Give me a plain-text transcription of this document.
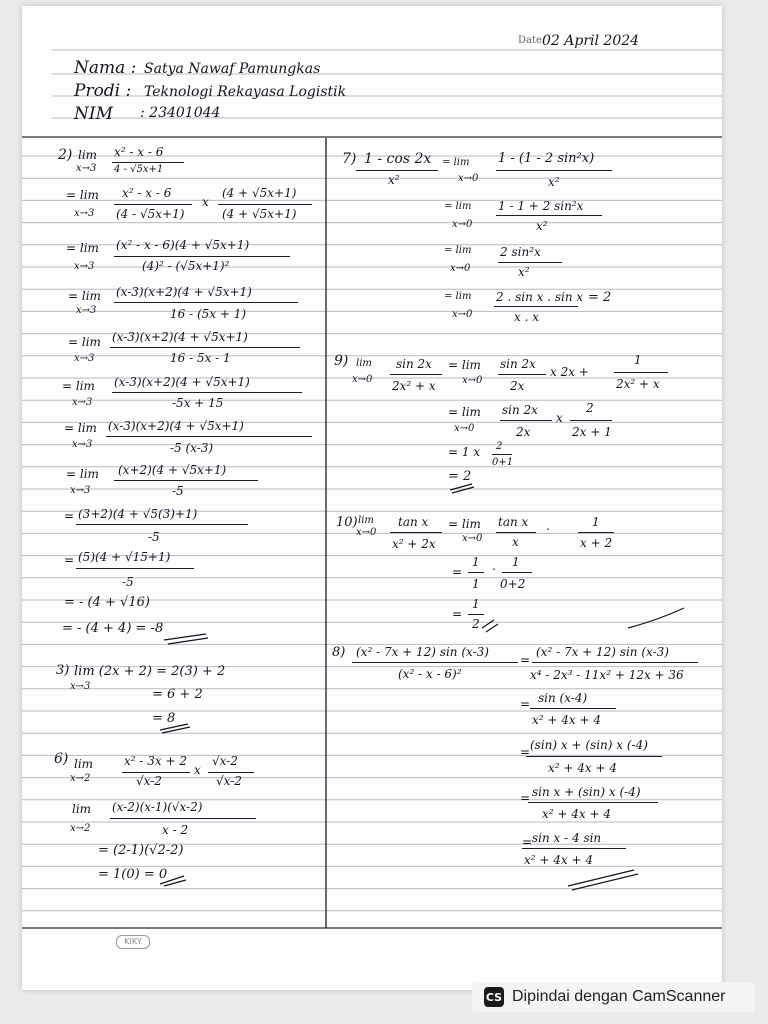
Date 02 April 2024
Nama : Satya Nawaf Pamungkas
Prodi : Teknologi Rekayasa Logistik
NIM : 23401044
2) lim x² - x - 6
x→3 4 - √5x+1
= lim x² - x - 6
x
(4 + √5x+1)
x→3 (4 - √5x+1)	(4 + √5x+1)
= lim (x² - x - 6)(4 + √5x+1)
x→3	(4)² - (√5x+1)²
= lim (x-3)(x+2)(4 + √5x+1)
x→3	16 - (5x + 1)
= lim (x-3)(x+2)(4 + √5x+1)
x→3	16 - 5x - 1
= lim (x-3)(x+2)(4 + √5x+1)
x→3	-5x + 15
= lim (x-3)(x+2)(4 + √5x+1)
x→3	-5 (x-3)
= lim (x+2)(4 + √5x+1)
x→3	-5
= (3+2)(4 + √5(3)+1)
-5
= (5)(4 + √15+1)
-5
= - (4 + √16)
= - (4 + 4) = -8
3) lim (2x + 2) = 2(3) + 2
x→3
= 6 + 2
= 8
6) lim	x² - 3x + 2
x
√x-2
x→2	√x-2	√x-2
lim (x-2)(x-1)(√x-2)
x→2	x - 2
= (2-1)(√2-2)
= 1(0) = 0
7) 1 - cos 2x
x²
= lim
x→0
1 - (1 - 2 sin²x)
x²
= lim
x→0
1 - 1 + 2 sin²x
x²
= lim
x→0
2 sin²x
x²
= lim
x→0
2 . sin x . sin x
x . x
= 2
9) lim
x→0
sin 2x
2x² + x
= lim
x→0
sin 2x
2x
x 2x +
1
2x² + x
= lim
x→0
sin 2x
2x
x
2
2x + 1
= 1 x 2
0+1
= 2
10) lim
x→0
tan x
x² + 2x
= lim
x→0
tan x
x
.	1
x + 2
=
1
1
. 1
0+2
=
1
2
8) (x² - 7x + 12) sin (x-3)
(x² - x - 6)²
=
(x² - 7x + 12) sin (x-3)
x⁴ - 2x³ - 11x² + 12x + 36
= sin (x-4)
x² + 4x + 4
= (sin) x + (sin) x (-4)
x² + 4x + 4
= sin x + (sin) x (-4)
x² + 4x + 4
= sin x - 4 sin
x² + 4x + 4
KIKY
CS Dipindai dengan CamScanner
